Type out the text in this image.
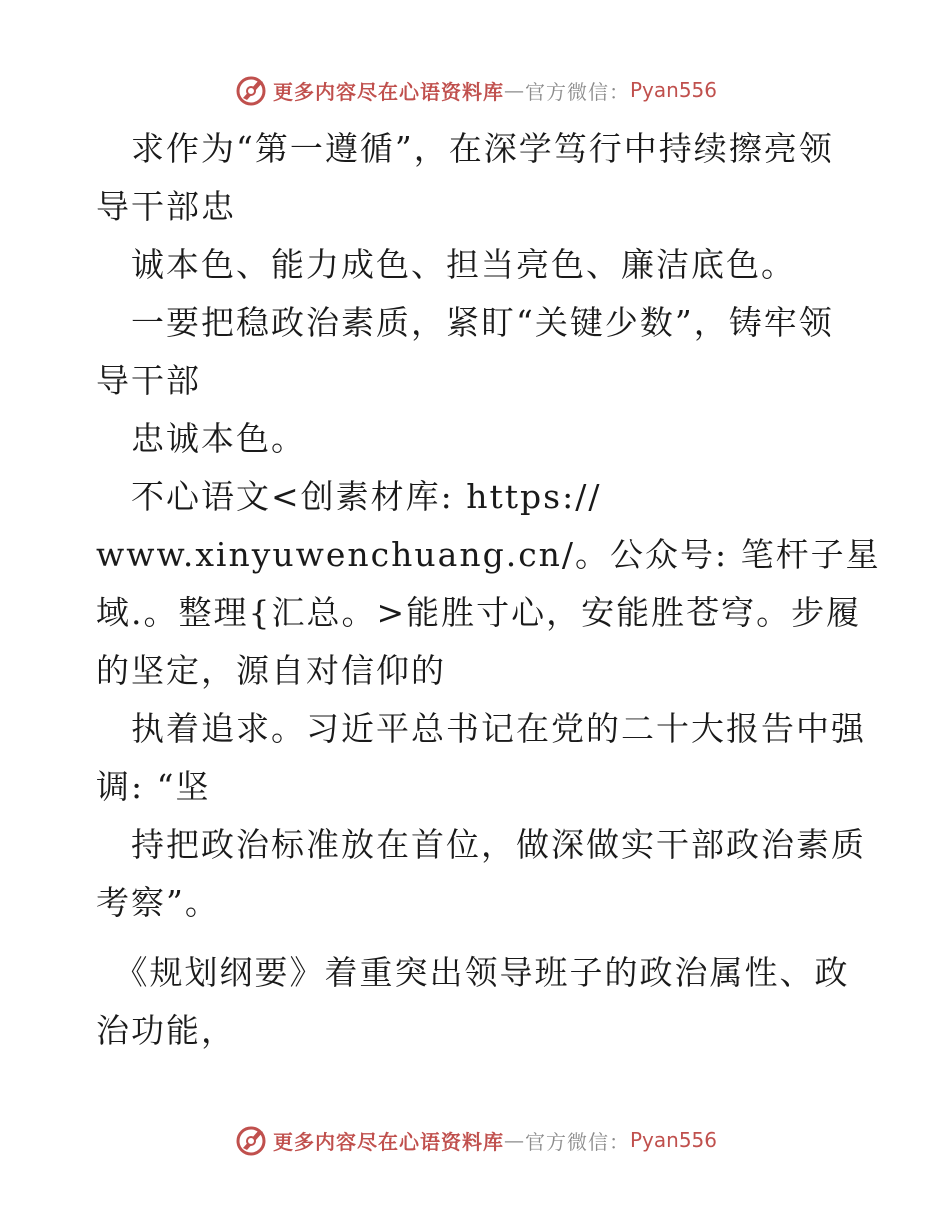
更多内容尽在心语资料库 — 官方微信： Pyan556
　求作为“第一遵循”，在深学笃行中持续擦亮领
导干部忠
　诚本色、能力成色、担当亮色、廉洁底色。
　一要把稳政治素质，紧盯“关键少数”，铸牢领
导干部
　忠诚本色。
　不心语文<创素材库: https://
www.xinyuwenchuang.cn/。公众号: 笔杆子星
域.。整理{汇总。>能胜寸心，安能胜苍穹。步履
的坚定，源自对信仰的
　执着追求。习近平总书记在党的二十大报告中强
调: “坚
　持把政治标准放在首位，做深做实干部政治素质
考察”。
　《规划纲要》着重突出领导班子的政治属性、政
治功能，
更多内容尽在心语资料库 — 官方微信： Pyan556
